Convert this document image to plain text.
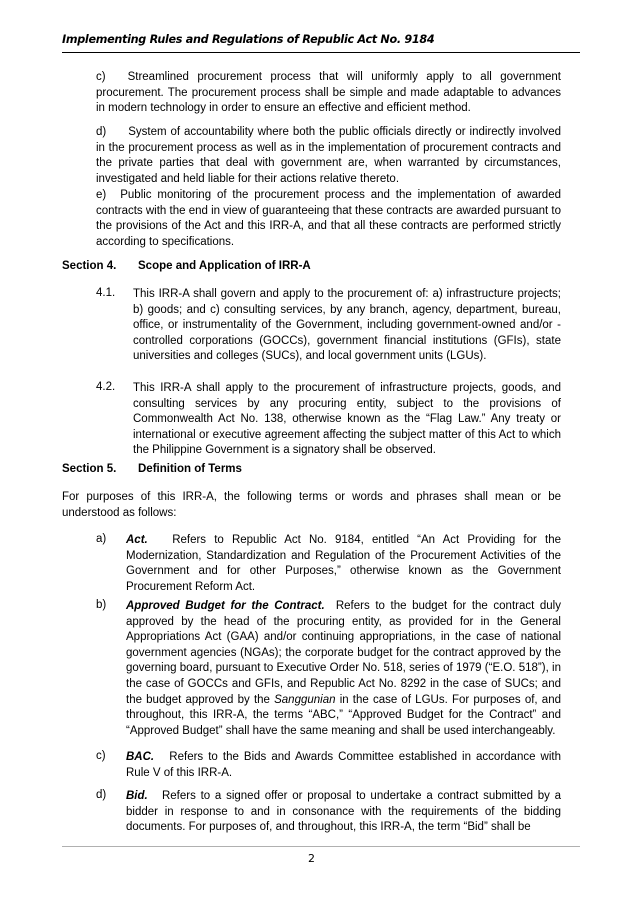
Implementing Rules and Regulations of Republic Act No. 9184
c) Streamlined procurement process that will uniformly apply to all government procurement. The procurement process shall be simple and made adaptable to advances in modern technology in order to ensure an effective and efficient method.
d) System of accountability where both the public officials directly or indirectly involved in the procurement process as well as in the implementation of procurement contracts and the private parties that deal with government are, when warranted by circumstances, investigated and held liable for their actions relative thereto.
e) Public monitoring of the procurement process and the implementation of awarded contracts with the end in view of guaranteeing that these contracts are awarded pursuant to the provisions of the Act and this IRR-A, and that all these contracts are performed strictly according to specifications.
Section 4. Scope and Application of IRR-A
4.1. This IRR-A shall govern and apply to the procurement of: a) infrastructure projects; b) goods; and c) consulting services, by any branch, agency, department, bureau, office, or instrumentality of the Government, including government-owned and/or -controlled corporations (GOCCs), government financial institutions (GFIs), state universities and colleges (SUCs), and local government units (LGUs).
4.2. This IRR-A shall apply to the procurement of infrastructure projects, goods, and consulting services by any procuring entity, subject to the provisions of Commonwealth Act No. 138, otherwise known as the “Flag Law.” Any treaty or international or executive agreement affecting the subject matter of this Act to which the Philippine Government is a signatory shall be observed.
Section 5. Definition of Terms
For purposes of this IRR-A, the following terms or words and phrases shall mean or be understood as follows:
a) Act. Refers to Republic Act No. 9184, entitled “An Act Providing for the Modernization, Standardization and Regulation of the Procurement Activities of the Government and for other Purposes,” otherwise known as the Government Procurement Reform Act.
b) Approved Budget for the Contract. Refers to the budget for the contract duly approved by the head of the procuring entity, as provided for in the General Appropriations Act (GAA) and/or continuing appropriations, in the case of national government agencies (NGAs); the corporate budget for the contract approved by the governing board, pursuant to Executive Order No. 518, series of 1979 (“E.O. 518”), in the case of GOCCs and GFIs, and Republic Act No. 8292 in the case of SUCs; and the budget approved by the Sanggunian in the case of LGUs. For purposes of, and throughout, this IRR-A, the terms “ABC,” “Approved Budget for the Contract” and “Approved Budget” shall have the same meaning and shall be used interchangeably.
c) BAC. Refers to the Bids and Awards Committee established in accordance with Rule V of this IRR-A.
d) Bid. Refers to a signed offer or proposal to undertake a contract submitted by a bidder in response to and in consonance with the requirements of the bidding documents. For purposes of, and throughout, this IRR-A, the term “Bid” shall be
2
